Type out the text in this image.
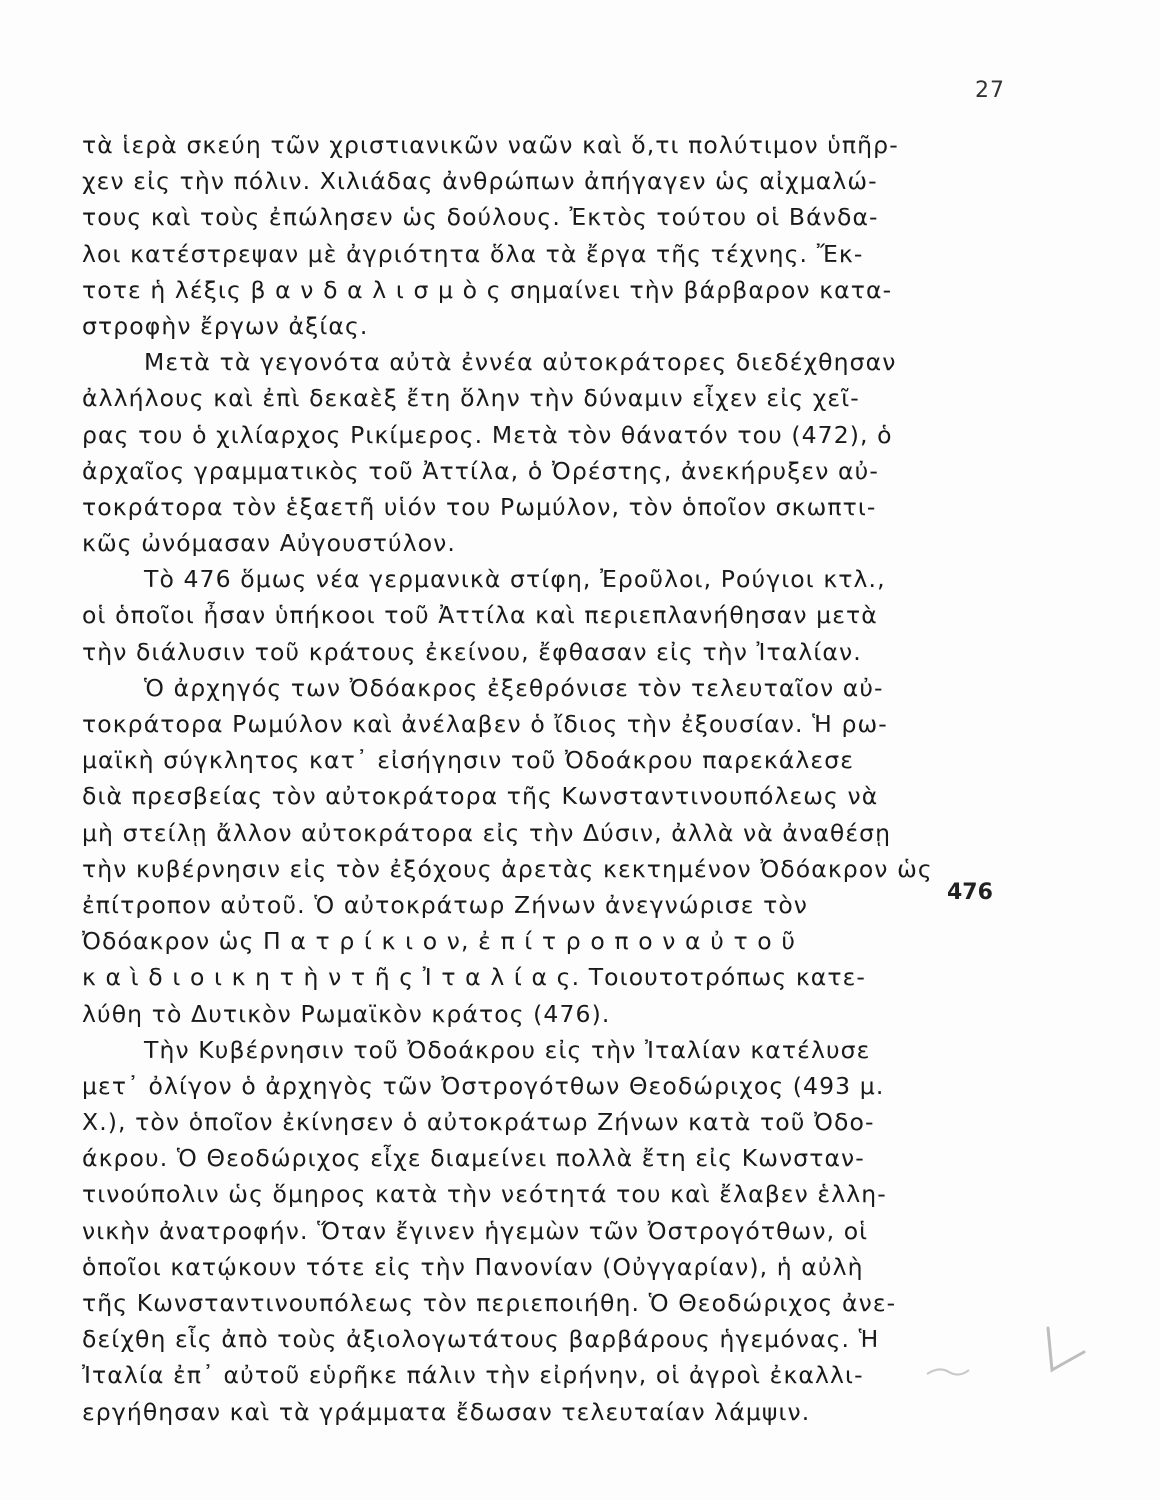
27
τὰ ἱερὰ σκεύη τῶν χριστιανικῶν ναῶν καὶ ὅ,τι πολύτιμον ὑπῆρ-
χεν εἰς τὴν πόλιν. Χιλιάδας ἀνθρώπων ἀπήγαγεν ὡς αἰχμαλώ-
τους καὶ τοὺς ἐπώλησεν ὡς δούλους. Ἐκτὸς τούτου οἱ Βάνδα-
λοι κατέστρεψαν μὲ ἀγριότητα ὅλα τὰ ἔργα τῆς τέχνης. Ἔκ-
τοτε ἡ λέξις β α ν δ α λ ι σ μ ὸ ς σημαίνει τὴν βάρβαρον κατα-
στροφὴν ἔργων ἀξίας.
Μετὰ τὰ γεγονότα αὐτὰ ἐννέα αὐτοκράτορες διεδέχθησαν
ἀλλήλους καὶ ἐπὶ δεκαὲξ ἔτη ὅλην τὴν δύναμιν εἶχεν εἰς χεῖ-
ρας του ὁ χιλίαρχος Ρικίμερος. Μετὰ τὸν θάνατόν του (472), ὁ
ἀρχαῖος γραμματικὸς τοῦ Ἀττίλα, ὁ Ὀρέστης, ἀνεκήρυξεν αὐ-
τοκράτορα τὸν ἑξαετῆ υἱόν του Ρωμύλον, τὸν ὁποῖον σκωπτι-
κῶς ὠνόμασαν Αὐγουστύλον.
Τὸ 476 ὅμως νέα γερμανικὰ στίφη, Ἐροῦλοι, Ρούγιοι κτλ.,
οἱ ὁποῖοι ἦσαν ὑπήκοοι τοῦ Ἀττίλα καὶ περιεπλανήθησαν μετὰ
τὴν διάλυσιν τοῦ κράτους ἐκείνου, ἔφθασαν εἰς τὴν Ἰταλίαν.
Ὁ ἀρχηγός των Ὀδόακρος ἐξεθρόνισε τὸν τελευταῖον αὐ-
τοκράτορα Ρωμύλον καὶ ἀνέλαβεν ὁ ἴδιος τὴν ἐξουσίαν. Ἡ ρω-
μαϊκὴ σύγκλητος κατ᾽ εἰσήγησιν τοῦ Ὀδοάκρου παρεκάλεσε
διὰ πρεσβείας τὸν αὐτοκράτορα τῆς Κωνσταντινουπόλεως νὰ
μὴ στείλῃ ἄλλον αὐτοκράτορα εἰς τὴν Δύσιν, ἀλλὰ νὰ ἀναθέσῃ
τὴν κυβέρνησιν εἰς τὸν ἐξόχους ἀρετὰς κεκτημένον Ὀδόακρον ὡς
ἐπίτροπον αὐτοῦ. Ὁ αὐτοκράτωρ Ζήνων ἀνεγνώρισε τὸν
Ὀδόακρον ὡς Π α τ ρ ί κ ι ο ν, ἐ π ί τ ρ ο π ο ν α ὐ τ ο ῦ
κ α ὶ δ ι ο ι κ η τ ὴ ν τ ῆ ς Ἰ τ α λ ί α ς. Τοιουτοτρόπως κατε-
λύθη τὸ Δυτικὸν Ρωμαϊκὸν κράτος (476).
Τὴν Κυβέρνησιν τοῦ Ὀδοάκρου εἰς τὴν Ἰταλίαν κατέλυσε
μετ᾽ ὀλίγον ὁ ἀρχηγὸς τῶν Ὀστρογότθων Θεοδώριχος (493 μ.
Χ.), τὸν ὁποῖον ἐκίνησεν ὁ αὐτοκράτωρ Ζήνων κατὰ τοῦ Ὀδο-
άκρου. Ὁ Θεοδώριχος εἶχε διαμείνει πολλὰ ἔτη εἰς Κωνσταν-
τινούπολιν ὡς ὅμηρος κατὰ τὴν νεότητά του καὶ ἔλαβεν ἑλλη-
νικὴν ἀνατροφήν. Ὅταν ἔγινεν ἡγεμὼν τῶν Ὀστρογότθων, οἱ
ὁποῖοι κατῴκουν τότε εἰς τὴν Πανονίαν (Οὐγγαρίαν), ἡ αὐλὴ
τῆς Κωνσταντινουπόλεως τὸν περιεποιήθη. Ὁ Θεοδώριχος ἀνε-
δείχθη εἷς ἀπὸ τοὺς ἀξιολογωτάτους βαρβάρους ἡγεμόνας. Ἡ
Ἰταλία ἐπ᾽ αὐτοῦ εὑρῆκε πάλιν τὴν εἰρήνην, οἱ ἀγροὶ ἐκαλλι-
εργήθησαν καὶ τὰ γράμματα ἔδωσαν τελευταίαν λάμψιν.
476
